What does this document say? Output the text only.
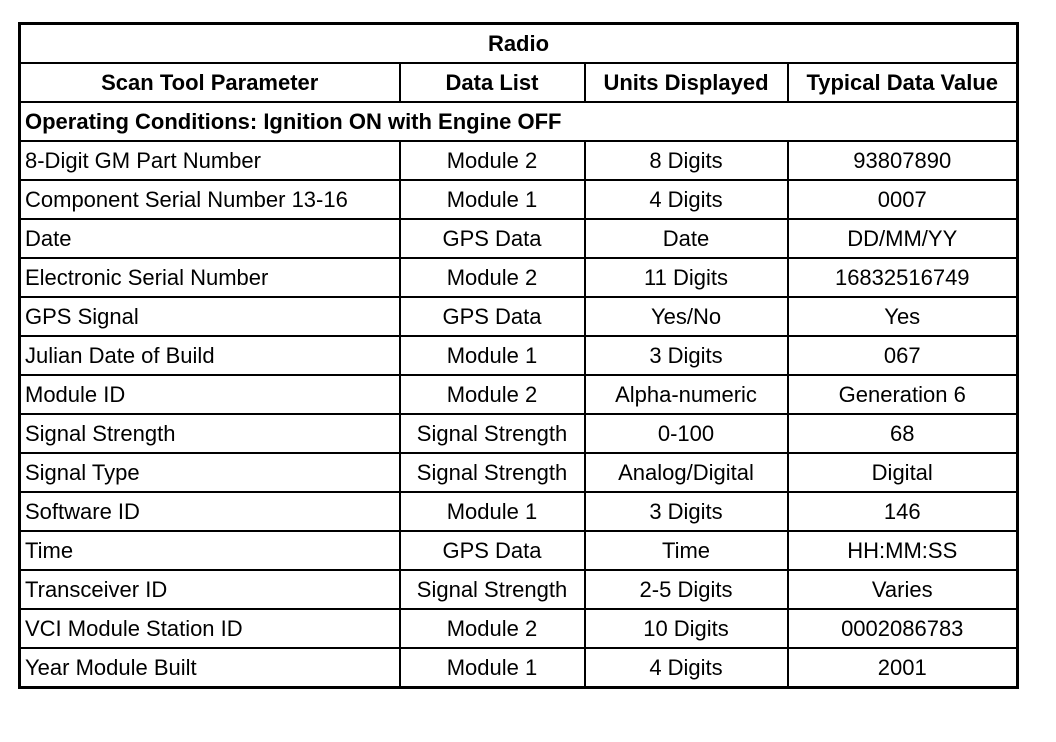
Radio			
Scan Tool Parameter	Data List	Units Displayed	Typical Data Value
Operating Conditions: Ignition ON with Engine OFF			
8-Digit GM Part Number	Module 2	8 Digits	93807890
Component Serial Number 13-16	Module 1	4 Digits	0007
Date	GPS Data	Date	DD/MM/YY
Electronic Serial Number	Module 2	11 Digits	16832516749
GPS Signal	GPS Data	Yes/No	Yes
Julian Date of Build	Module 1	3 Digits	067
Module ID	Module 2	Alpha-numeric	Generation 6
Signal Strength	Signal Strength	0-100	68
Signal Type	Signal Strength	Analog/Digital	Digital
Software ID	Module 1	3 Digits	146
Time	GPS Data	Time	HH:MM:SS
Transceiver ID	Signal Strength	2-5 Digits	Varies
VCI Module Station ID	Module 2	10 Digits	0002086783
Year Module Built	Module 1	4 Digits	2001
